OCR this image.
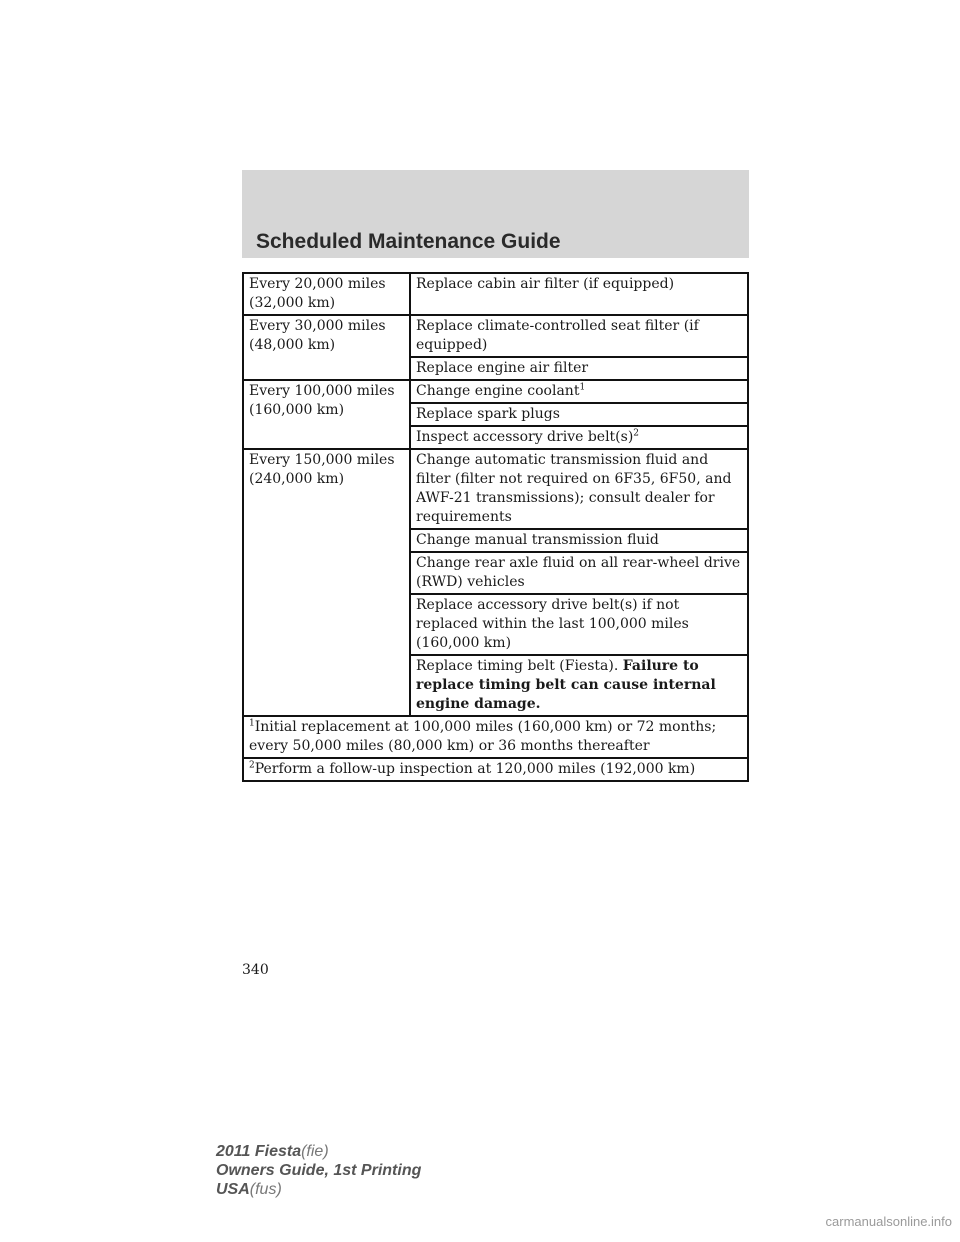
Scheduled Maintenance Guide
Every 20,000 miles (32,000 km)	Replace cabin air filter (if equipped)

Every 30,000 miles (48,000 km)	Replace climate-controlled seat filter (if equipped)
	Replace engine air filter

Every 100,000 miles (160,000 km)	Change engine coolant$^1$
	Replace spark plugs
	Inspect accessory drive $belt(s)^2$

Every 150,000 miles (240,000 km)	Change automatic transmission fluid and filter (filter not required on 6F35, 6F50, and AWF-21 transmissions); consult dealer for requirements
	Change manual transmission fluid
	Change rear axle fluid on all rear-wheel drive (RWD) vehicles
	Replace accessory drive belt(s) if not replaced within the last 100,000 miles (160,000 km)
	Replace timing belt (Fiesta). Failure to replace timing belt can cause internal engine damage.
$^1$Initial replacement at 100,000 miles (160,000 km) or 72 months; every 50,000 miles (80,000 km) or 36 months thereafter	
$^2$Perform a follow-up inspection at 120,000 miles (192,000 km)	
340
2011 Fiesta(fie)
Owners Guide, 1st Printing
USA(fus)
carmanualsonline.info
